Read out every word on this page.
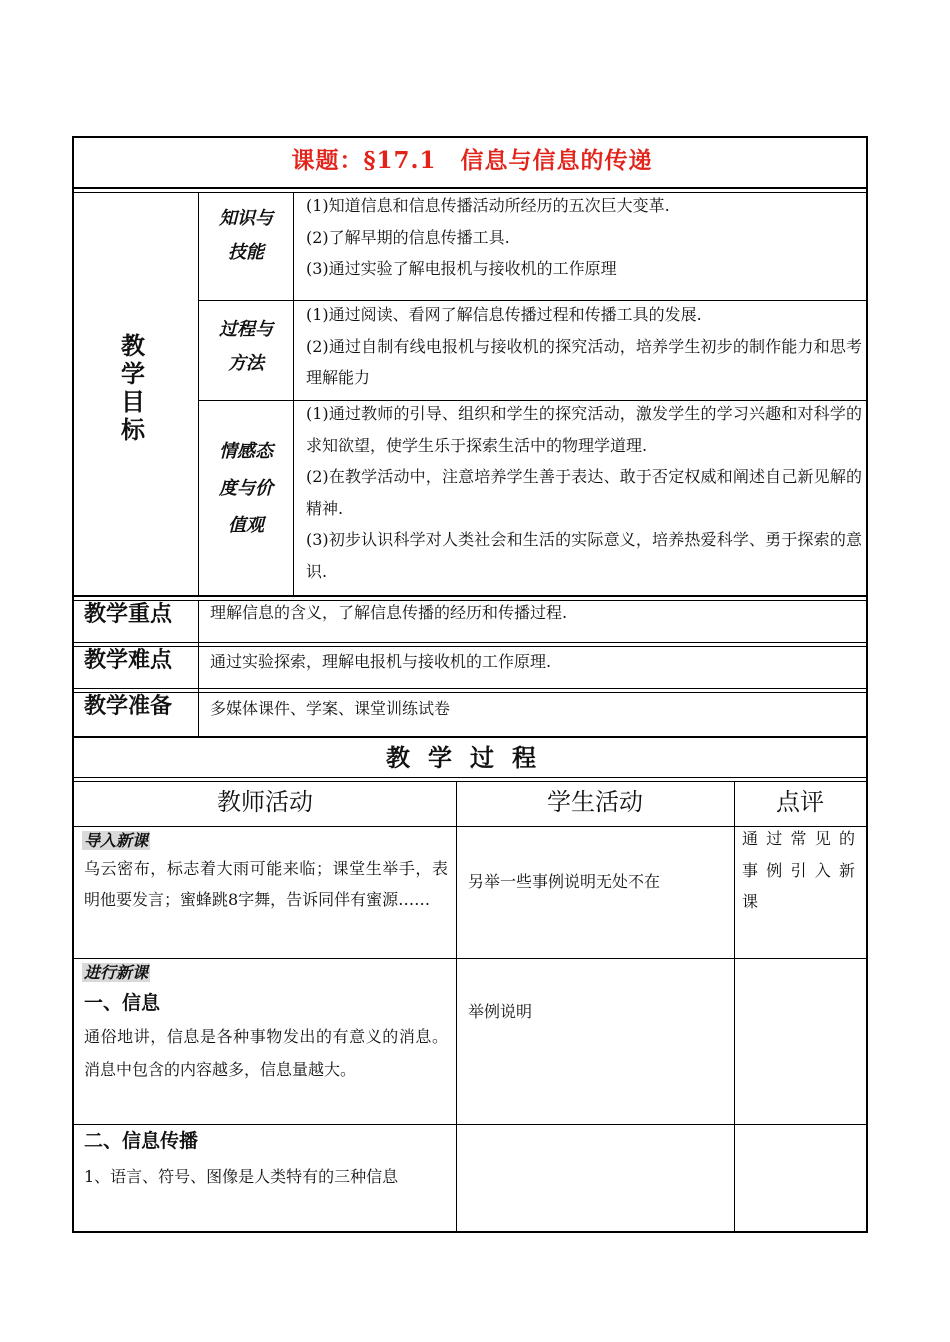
课题：§17.1　信息与信息的传递
教学目标
知识与技能

(1)知道信息和信息传播活动所经历的五次巨大变革.

(2)了解早期的信息传播工具.

(3)通过实验了解电报机与接收机的工作原理

过程与方法

(1)通过阅读、看网了解信息传播过程和传播工具的发展.

(2)通过自制有线电报机与接收机的探究活动，培养学生初步的制作能力和思考理解能力

情感态度与价值观

(1)通过教师的引导、组织和学生的探究活动，激发学生的学习兴趣和对科学的求知欲望，使学生乐于探索生活中的物理学道理.

(2)在教学活动中，注意培养学生善于表达、敢于否定权威和阐述自己新见解的精神.

(3)初步认识科学对人类社会和生活的实际意义，培养热爱科学、勇于探索的意识.

教学重点 理解信息的含义，了解信息传播的经历和传播过程.
教学难点 通过实验探索，理解电报机与接收机的工作原理.
教学准备 多媒体课件、学案、课堂训练试卷
教学过程
教师活动	学生活动	点评
导入新课
乌云密布，标志着大雨可能来临；课堂生举手，表明他要发言；蜜蜂跳8字舞，告诉同伴有蜜源……
另举一些事例说明无处不在
通过常见的事例引入新课
进行新课
一、信息
通俗地讲，信息是各种事物发出的有意义的消息。消息中包含的内容越多，信息量越大。
举例说明
二、信息传播
1、语言、符号、图像是人类特有的三种信息
